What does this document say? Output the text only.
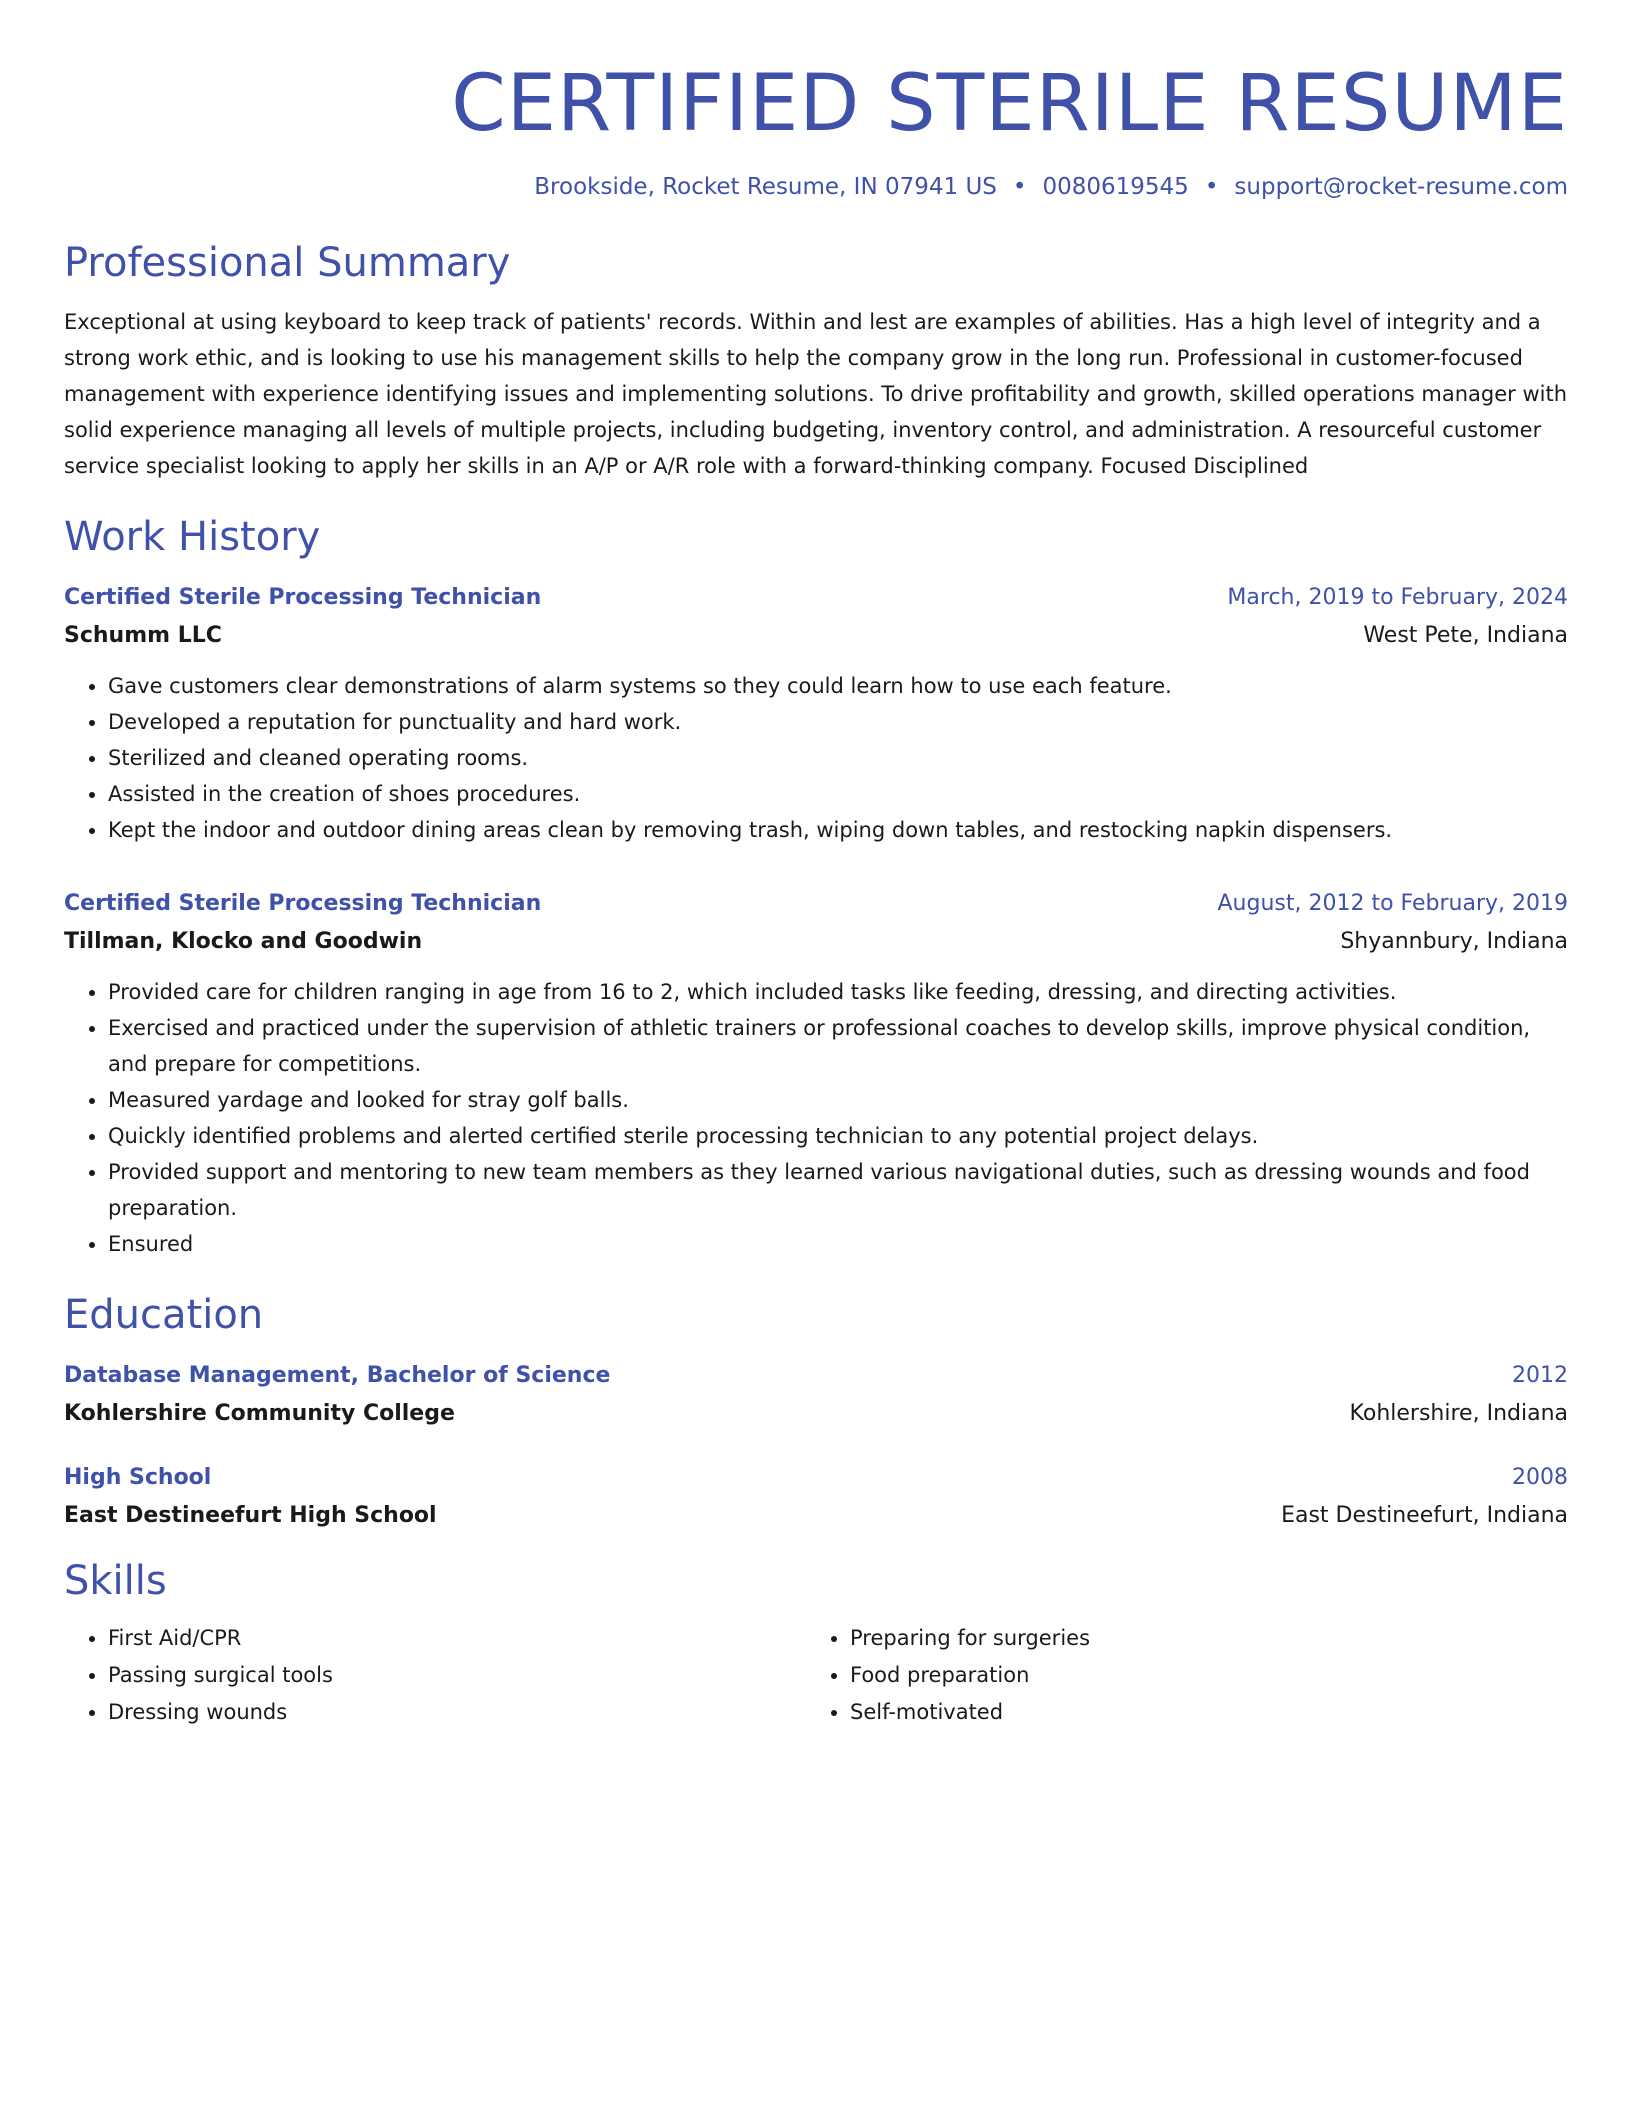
CERTIFIED STERILE RESUME
Brookside, Rocket Resume, IN 07941 US • 0080619545 • support@rocket-resume.com
Professional Summary
Exceptional at using keyboard to keep track of patients' records. Within and lest are examples of abilities. Has a high level of integrity and a strong work ethic, and is looking to use his management skills to help the company grow in the long run. Professional in customer-focused management with experience identifying issues and implementing solutions. To drive profitability and growth, skilled operations manager with solid experience managing all levels of multiple projects, including budgeting, inventory control, and administration. A resourceful customer service specialist looking to apply her skills in an A/P or A/R role with a forward-thinking company. Focused Disciplined
Work History
Certified Sterile Processing Technician	March, 2019 to February, 2024
Schumm LLC	West Pete, Indiana
• Gave customers clear demonstrations of alarm systems so they could learn how to use each feature.
• Developed a reputation for punctuality and hard work.
• Sterilized and cleaned operating rooms.
• Assisted in the creation of shoes procedures.
• Kept the indoor and outdoor dining areas clean by removing trash, wiping down tables, and restocking napkin dispensers.
Certified Sterile Processing Technician	August, 2012 to February, 2019
Tillman, Klocko and Goodwin	Shyannbury, Indiana
• Provided care for children ranging in age from 16 to 2, which included tasks like feeding, dressing, and directing activities.
• Exercised and practiced under the supervision of athletic trainers or professional coaches to develop skills, improve physical condition, and prepare for competitions.
• Measured yardage and looked for stray golf balls.
• Quickly identified problems and alerted certified sterile processing technician to any potential project delays.
• Provided support and mentoring to new team members as they learned various navigational duties, such as dressing wounds and food preparation.
• Ensured
Education
Database Management, Bachelor of Science	2012
Kohlershire Community College	Kohlershire, Indiana
High School	2008
East Destineefurt High School	East Destineefurt, Indiana
Skills
• First Aid/CPR
• Passing surgical tools
• Dressing wounds
• Preparing for surgeries
• Food preparation
• Self-motivated
